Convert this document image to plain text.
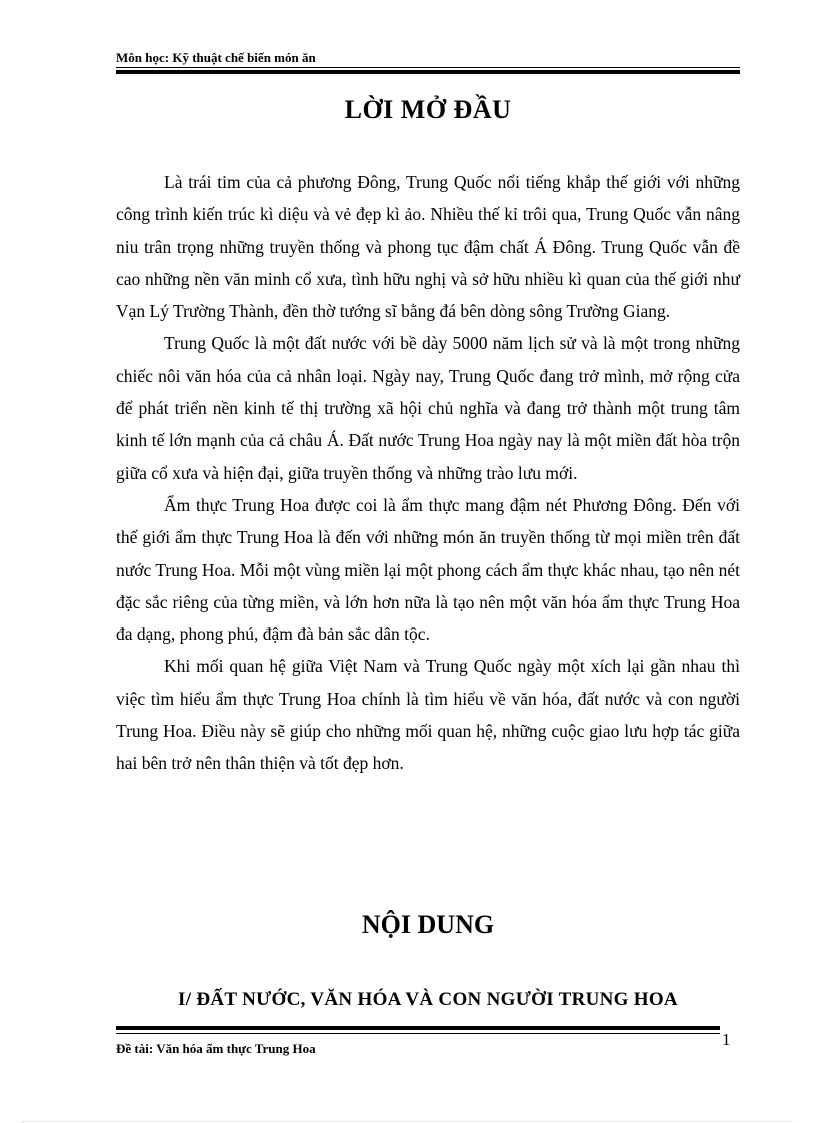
Môn học: Kỹ thuật chế biến món ăn
LỜI MỞ ĐẦU

Là trái tim của cả phương Đông, Trung Quốc nổi tiếng khắp thế giới với những công trình kiến trúc kì diệu và vẻ đẹp kì ảo. Nhiều thế kỉ trôi qua, Trung Quốc vẫn nâng niu trân trọng những truyền thống và phong tục đậm chất Á Đông. Trung Quốc vẫn đề cao những nền văn minh cổ xưa, tình hữu nghị và sở hữu nhiều kì quan của thế giới như Vạn Lý Trường Thành, đền thờ tướng sĩ bằng đá bên dòng sông Trường Giang.

Trung Quốc là một đất nước với bề dày 5000 năm lịch sử và là một trong những chiếc nôi văn hóa của cả nhân loại. Ngày nay, Trung Quốc đang trở mình, mở rộng cửa để phát triển nền kinh tế thị trường xã hội chủ nghĩa và đang trở thành một trung tâm kinh tế lớn mạnh của cả châu Á. Đất nước Trung Hoa ngày nay là một miền đất hòa trộn giữa cổ xưa và hiện đại, giữa truyền thống và những trào lưu mới.

Ẩm thực Trung Hoa được coi là ẩm thực mang đậm nét Phương Đông. Đến với thế giới ẩm thực Trung Hoa là đến với những món ăn truyền thống từ mọi miền trên đất nước Trung Hoa. Mỗi một vùng miền lại một phong cách ẩm thực khác nhau, tạo nên nét đặc sắc riêng của từng miền, và lớn hơn nữa là tạo nên một văn hóa ẩm thực Trung Hoa đa dạng, phong phú, đậm đà bản sắc dân tộc.

Khi mối quan hệ giữa Việt Nam và Trung Quốc ngày một xích lại gần nhau thì việc tìm hiểu ẩm thực Trung Hoa chính là tìm hiểu về văn hóa, đất nước và con người Trung Hoa. Điều này sẽ giúp cho những mối quan hệ, những cuộc giao lưu hợp tác giữa hai bên trở nên thân thiện và tốt đẹp hơn.

NỘI DUNG
I/ ĐẤT NƯỚC, VĂN HÓA VÀ CON NGƯỜI TRUNG HOA
1
Đề tài: Văn hóa ẩm thực Trung Hoa
